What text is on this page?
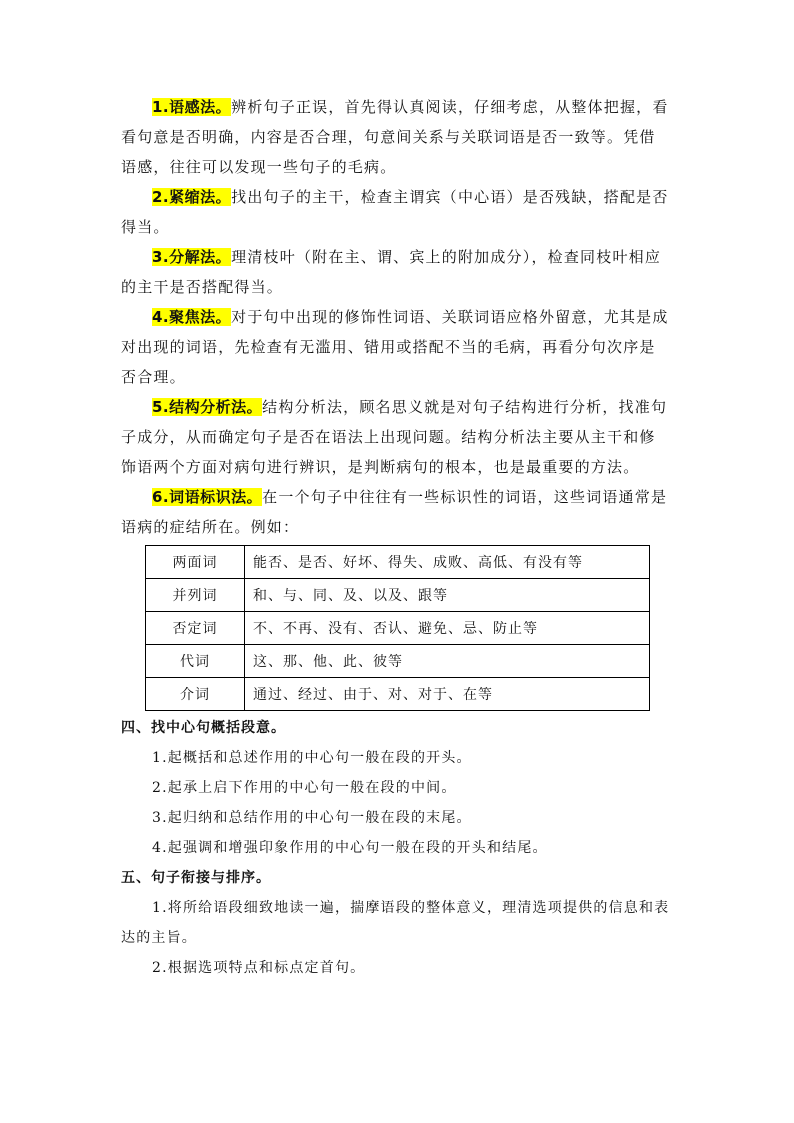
1.语感法。辨析句子正误，首先得认真阅读，仔细考虑，从整体把握，看看句意是否明确，内容是否合理，句意间关系与关联词语是否一致等。凭借语感，往往可以发现一些句子的毛病。

2.紧缩法。找出句子的主干，检查主谓宾（中心语）是否残缺，搭配是否得当。

3.分解法。理清枝叶（附在主、谓、宾上的附加成分），检查同枝叶相应的主干是否搭配得当。

4.聚焦法。对于句中出现的修饰性词语、关联词语应格外留意，尤其是成对出现的词语，先检查有无滥用、错用或搭配不当的毛病，再看分句次序是否合理。

5.结构分析法。结构分析法，顾名思义就是对句子结构进行分析，找准句子成分，从而确定句子是否在语法上出现问题。结构分析法主要从主干和修饰语两个方面对病句进行辨识，是判断病句的根本，也是最重要的方法。

6.词语标识法。在一个句子中往往有一些标识性的词语，这些词语通常是语病的症结所在。例如：

两面词	能否、是否、好坏、得失、成败、高低、有没有等
并列词	和、与、同、及、以及、跟等
否定词	不、不再、没有、否认、避免、忌、防止等
代词	这、那、他、此、彼等
介词	通过、经过、由于、对、对于、在等

四、找中心句概括段意。

1.起概括和总述作用的中心句一般在段的开头。

2.起承上启下作用的中心句一般在段的中间。

3.起归纳和总结作用的中心句一般在段的末尾。

4.起强调和增强印象作用的中心句一般在段的开头和结尾。

五、句子衔接与排序。

1.将所给语段细致地读一遍，揣摩语段的整体意义，理清选项提供的信息和表达的主旨。

2.根据选项特点和标点定首句。
